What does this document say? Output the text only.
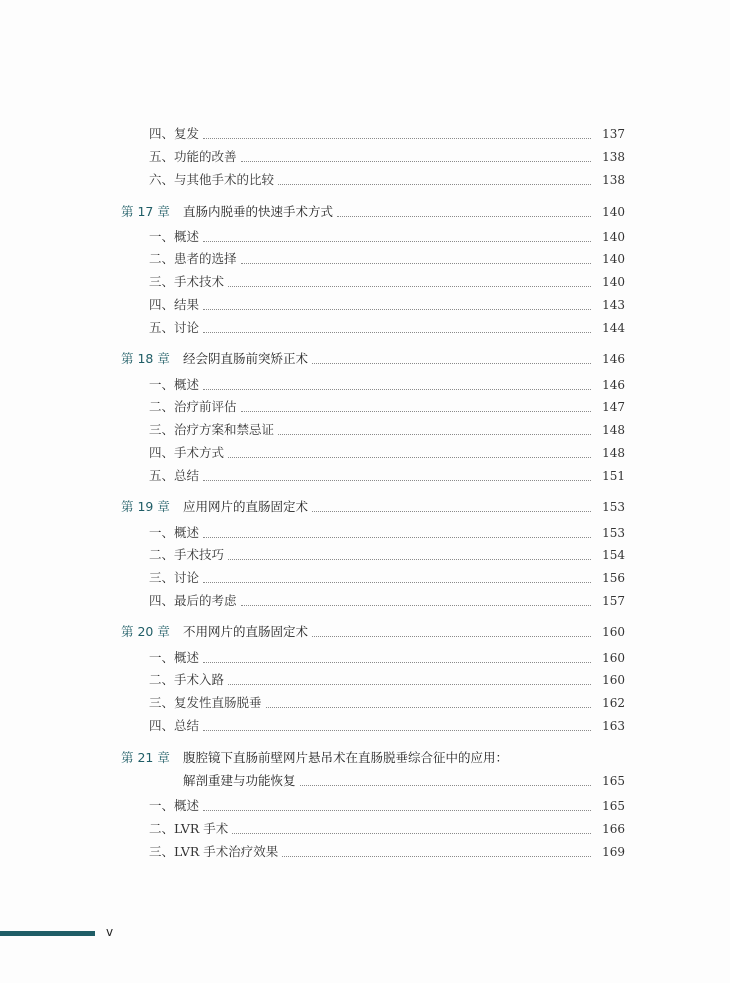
四、复发	137
五、功能的改善	138
六、与其他手术的比较	138
第 17 章	直肠内脱垂的快速手术方式	140
一、概述	140
二、患者的选择	140
三、手术技术	140
四、结果	143
五、讨论	144
第 18 章	经会阴直肠前突矫正术	146
一、概述	146
二、治疗前评估	147
三、治疗方案和禁忌证	148
四、手术方式	148
五、总结	151
第 19 章	应用网片的直肠固定术	153
一、概述	153
二、手术技巧	154
三、讨论	156
四、最后的考虑	157
第 20 章	不用网片的直肠固定术	160
一、概述	160
二、手术入路	160
三、复发性直肠脱垂	162
四、总结	163
第 21 章	腹腔镜下直肠前壁网片悬吊术在直肠脱垂综合征中的应用：
解剖重建与功能恢复	165
一、概述	165
二、LVR 手术	166
三、LVR 手术治疗效果	169
v
